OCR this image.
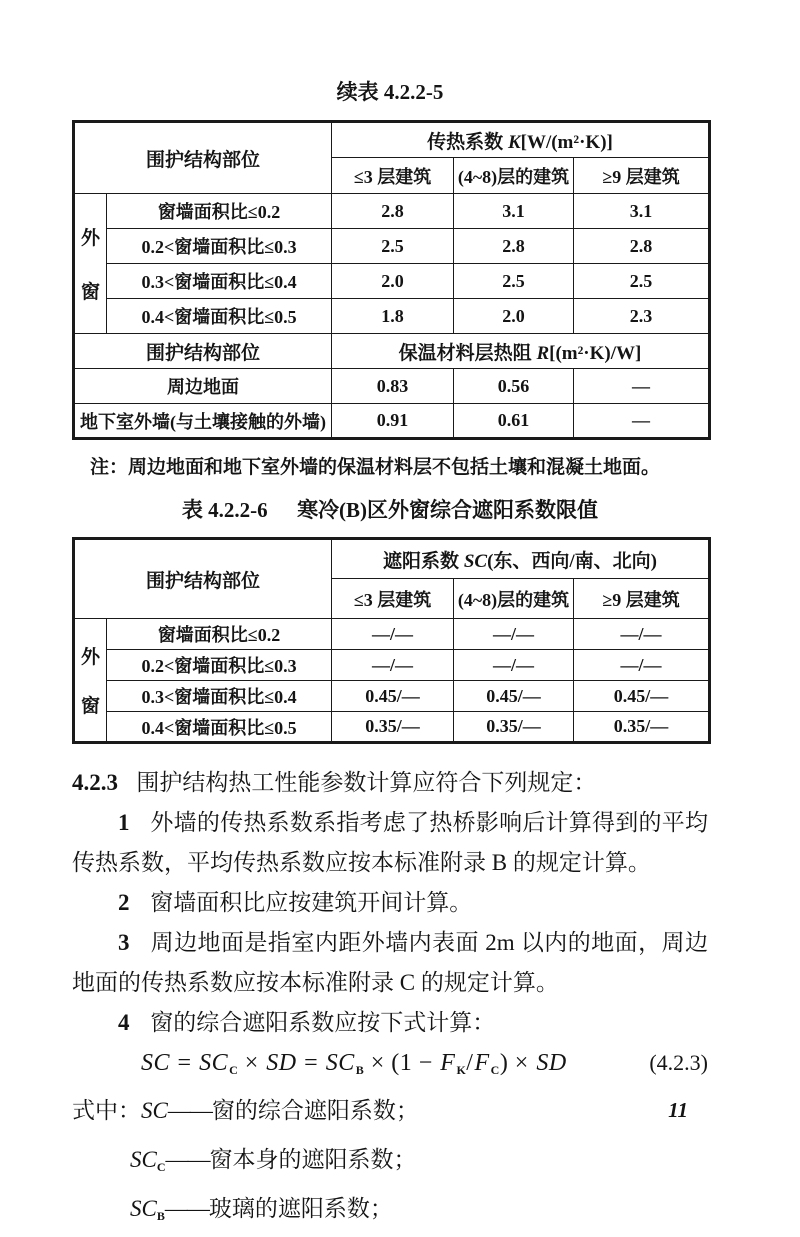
续表 4.2.2-5

围护结构部位		传热系数 K[W/(m²·K)]		
		≤3 层建筑	(4~8)层的建筑	≥9 层建筑

外
窗	窗墙面积比≤0.2	2.8	3.1	3.1
	0.2<窗墙面积比≤0.3	2.5	2.8	2.8
	0.3<窗墙面积比≤0.4	2.0	2.5	2.5
	0.4<窗墙面积比≤0.5	1.8	2.0	2.3
围护结构部位		保温材料层热阻 R[(m²·K)/W]		
周边地面		0.83	0.56	—
地下室外墙(与土壤接触的外墙)		0.91	0.61	—

注：周边地面和地下室外墙的保温材料层不包括土壤和混凝土地面。

表 4.2.2-6 寒冷(B)区外窗综合遮阳系数限值

围护结构部位		遮阳系数 SC(东、西向/南、北向)		
		≤3 层建筑	(4~8)层的建筑	≥9 层建筑

外
窗	窗墙面积比≤0.2	—/—	—/—	—/—
	0.2<窗墙面积比≤0.3	—/—	—/—	—/—
	0.3<窗墙面积比≤0.4	0.45/—	0.45/—	0.45/—
	0.4<窗墙面积比≤0.5	0.35/—	0.35/—	0.35/—

4.2.3 围护结构热工性能参数计算应符合下列规定：

1 外墙的传热系数系指考虑了热桥影响后计算得到的平均传热系数，平均传热系数应按本标准附录 B 的规定计算。

2 窗墙面积比应按建筑开间计算。

3 周边地面是指室内距外墙内表面 2m 以内的地面，周边地面的传热系数应按本标准附录 C 的规定计算。

4 窗的综合遮阳系数应按下式计算：

SC = $SC_C$ × SD = $SC_B \times (1 - F_K/F_C)$ × SD	(4.2.3)

式中：SC——窗的综合遮阳系数；

$SC_C——$窗本身的遮阳系数；

$SC_B——$玻璃的遮阳系数；

11
